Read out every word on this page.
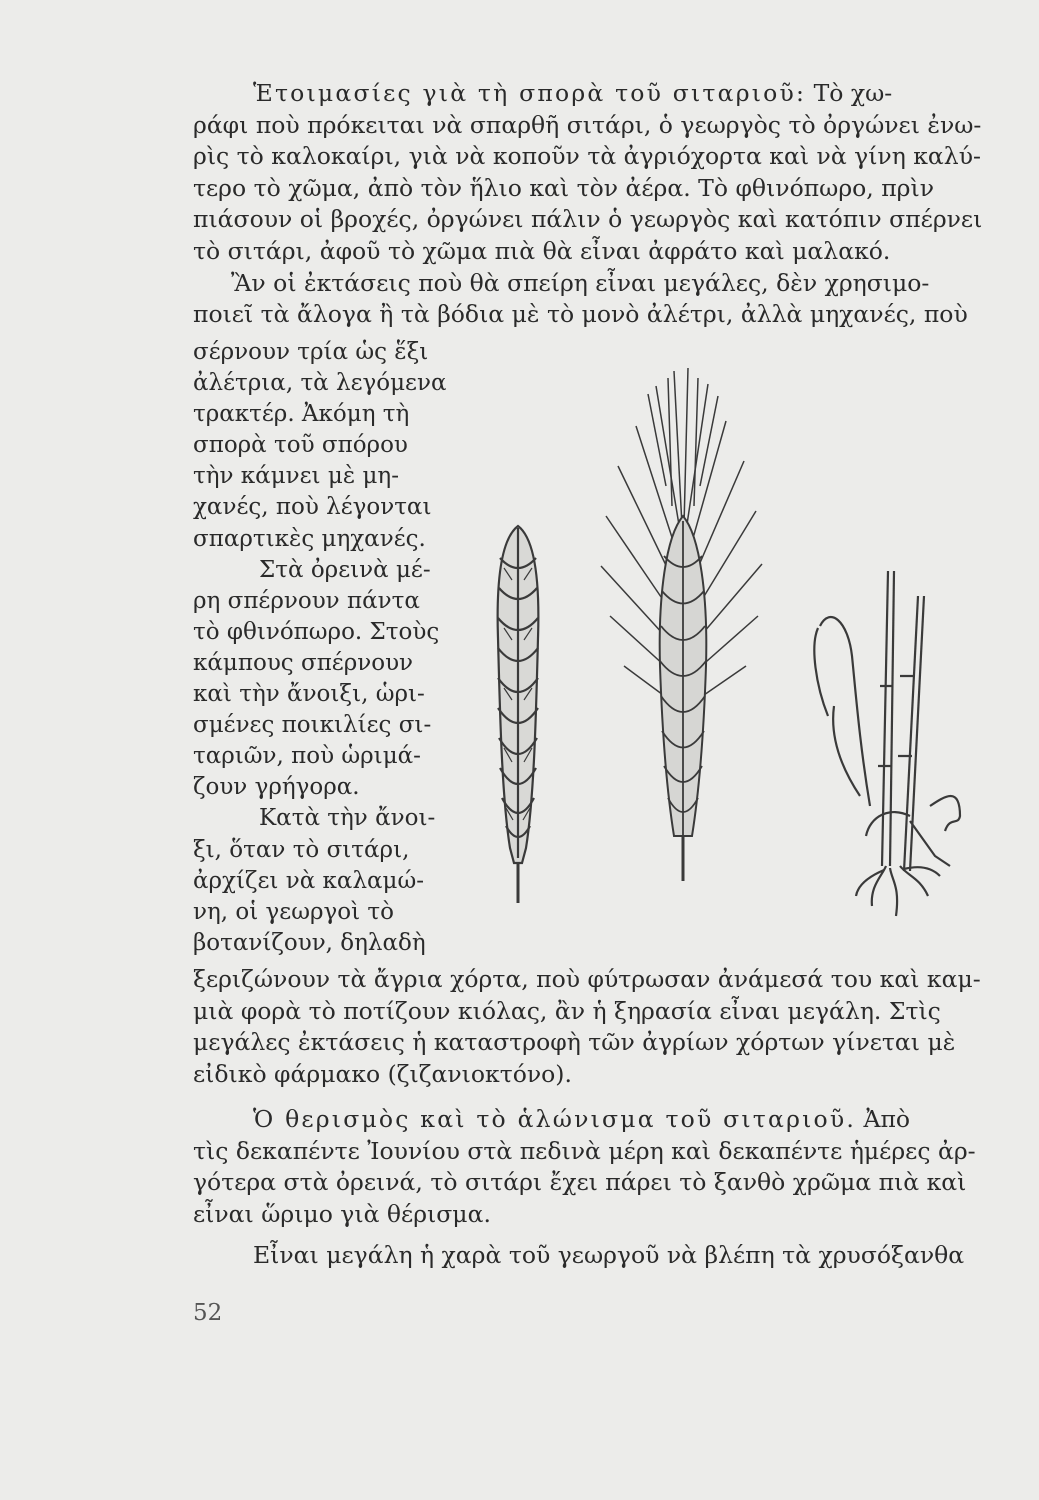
Ἑτοιμασίες γιὰ τὴ σπορὰ τοῦ σιταριοῦ: Τὸ χω-
ράφι ποὺ πρόκειται νὰ σπαρθῆ σιτάρι, ὁ γεωργὸς τὸ ὀργώνει ἐνω-
ρὶς τὸ καλοκαίρι, γιὰ νὰ κοποῦν τὰ ἀγριόχορτα καὶ νὰ γίνη καλύ-
τερο τὸ χῶμα, ἀπὸ τὸν ἥλιο καὶ τὸν ἀέρα. Τὸ φθινόπωρο, πρὶν
πιάσουν οἱ βροχές, ὀργώνει πάλιν ὁ γεωργὸς καὶ κατόπιν σπέρνει
τὸ σιτάρι, ἀφοῦ τὸ χῶμα πιὰ θὰ εἶναι ἀφράτο καὶ μαλακό.
Ἂν οἱ ἐκτάσεις ποὺ θὰ σπείρη εἶναι μεγάλες, δὲν χρησιμο-
ποιεῖ τὰ ἄλογα ἢ τὰ βόδια μὲ τὸ μονὸ ἀλέτρι, ἀλλὰ μηχανές, ποὺ
σέρνουν τρία ὡς ἕξι
ἀλέτρια, τὰ λεγόμενα
τρακτέρ. Ἀκόμη τὴ
σπορὰ τοῦ σπόρου
τὴν κάμνει μὲ μη-
χανές, ποὺ λέγονται
σπαρτικὲς μηχανές.
Στὰ ὀρεινὰ μέ-
ρη σπέρνουν πάντα
τὸ φθινόπωρο. Στοὺς
κάμπους σπέρνουν
καὶ τὴν ἄνοιξι, ὡρι-
σμένες ποικιλίες σι-
ταριῶν, ποὺ ὡριμά-
ζουν γρήγορα.
Κατὰ τὴν ἄνοι-
ξι, ὅταν τὸ σιτάρι,
ἀρχίζει νὰ καλαμώ-
νη, οἱ γεωργοὶ τὸ
βοτανίζουν, δηλαδὴ
ξεριζώνουν τὰ ἄγρια χόρτα, ποὺ φύτρωσαν ἀνάμεσά του καὶ καμ-
μιὰ φορὰ τὸ ποτίζουν κιόλας, ἂν ἡ ξηρασία εἶναι μεγάλη. Στὶς
μεγάλες ἐκτάσεις ἡ καταστροφὴ τῶν ἀγρίων χόρτων γίνεται μὲ
εἰδικὸ φάρμακο (ζιζανιοκτόνο).
Ὁ θερισμὸς καὶ τὸ ἁλώνισμα τοῦ σιταριοῦ. Ἀπὸ
τὶς δεκαπέντε Ἰουνίου στὰ πεδινὰ μέρη καὶ δεκαπέντε ἡμέρες ἀρ-
γότερα στὰ ὀρεινά, τὸ σιτάρι ἔχει πάρει τὸ ξανθὸ χρῶμα πιὰ καὶ
εἶναι ὥριμο γιὰ θέρισμα.
Εἶναι μεγάλη ἡ χαρὰ τοῦ γεωργοῦ νὰ βλέπη τὰ χρυσόξανθα
52
